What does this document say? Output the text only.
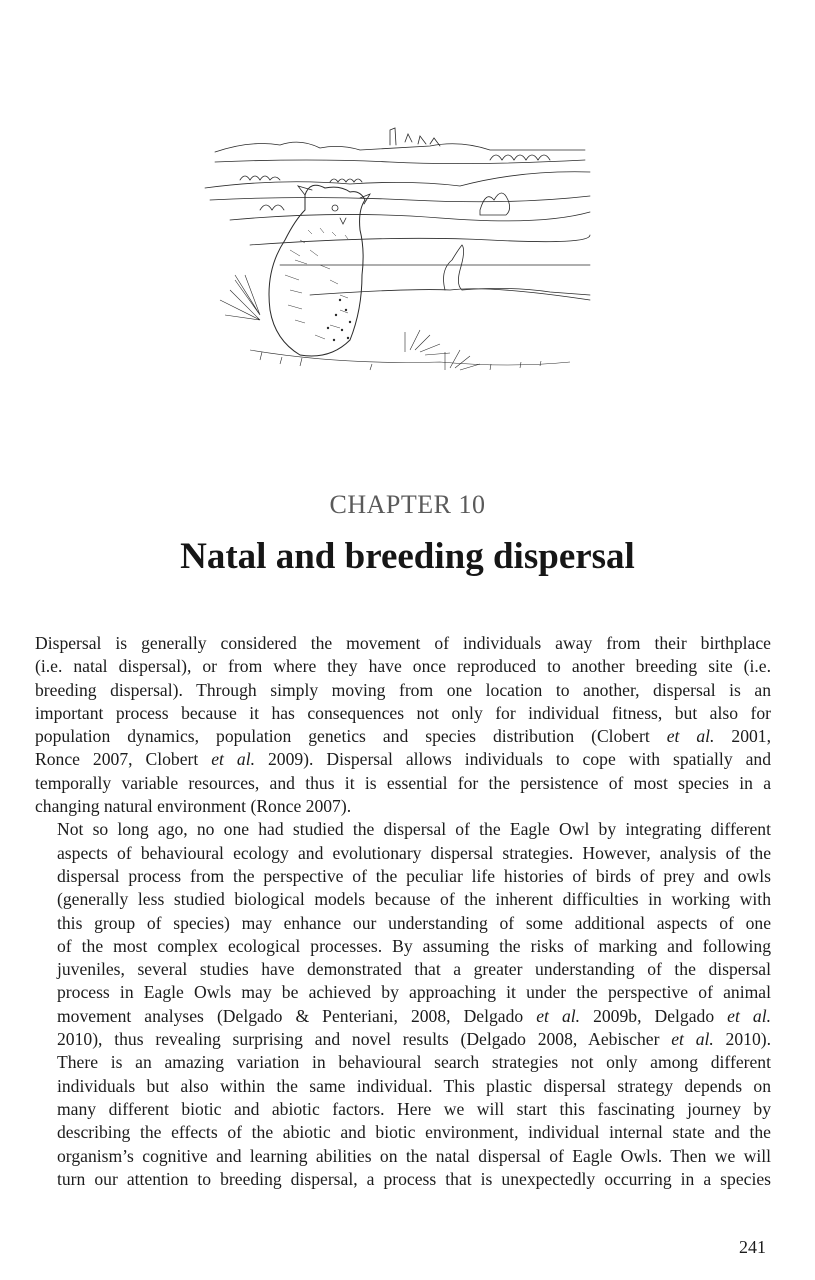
CHAPTER 10
Natal and breeding dispersal

Dispersal is generally considered the movement of individuals away from their birthplace
(i.e. natal dispersal), or from where they have once reproduced to another breeding site (i.e.
breeding dispersal). Through simply moving from one location to another, dispersal is an
important process because it has consequences not only for individual fitness, but also for
population dynamics, population genetics and species distribution (Clobert et al. 2001,
Ronce 2007, Clobert et al. 2009). Dispersal allows individuals to cope with spatially and
temporally variable resources, and thus it is essential for the persistence of most species in a
changing natural environment (Ronce 2007).

Not so long ago, no one had studied the dispersal of the Eagle Owl by integrating different
aspects of behavioural ecology and evolutionary dispersal strategies. However, analysis of the
dispersal process from the perspective of the peculiar life histories of birds of prey and owls
(generally less studied biological models because of the inherent difficulties in working with
this group of species) may enhance our understanding of some additional aspects of one
of the most complex ecological processes. By assuming the risks of marking and following
juveniles, several studies have demonstrated that a greater understanding of the dispersal
process in Eagle Owls may be achieved by approaching it under the perspective of animal
movement analyses (Delgado & Penteriani, 2008, Delgado et al. 2009b, Delgado et al.
2010), thus revealing surprising and novel results (Delgado 2008, Aebischer et al. 2010).
There is an amazing variation in behavioural search strategies not only among different
individuals but also within the same individual. This plastic dispersal strategy depends on
many different biotic and abiotic factors. Here we will start this fascinating journey by
describing the effects of the abiotic and biotic environment, individual internal state and the
organism’s cognitive and learning abilities on the natal dispersal of Eagle Owls. Then we will
turn our attention to breeding dispersal, a process that is unexpectedly occurring in a species

241
